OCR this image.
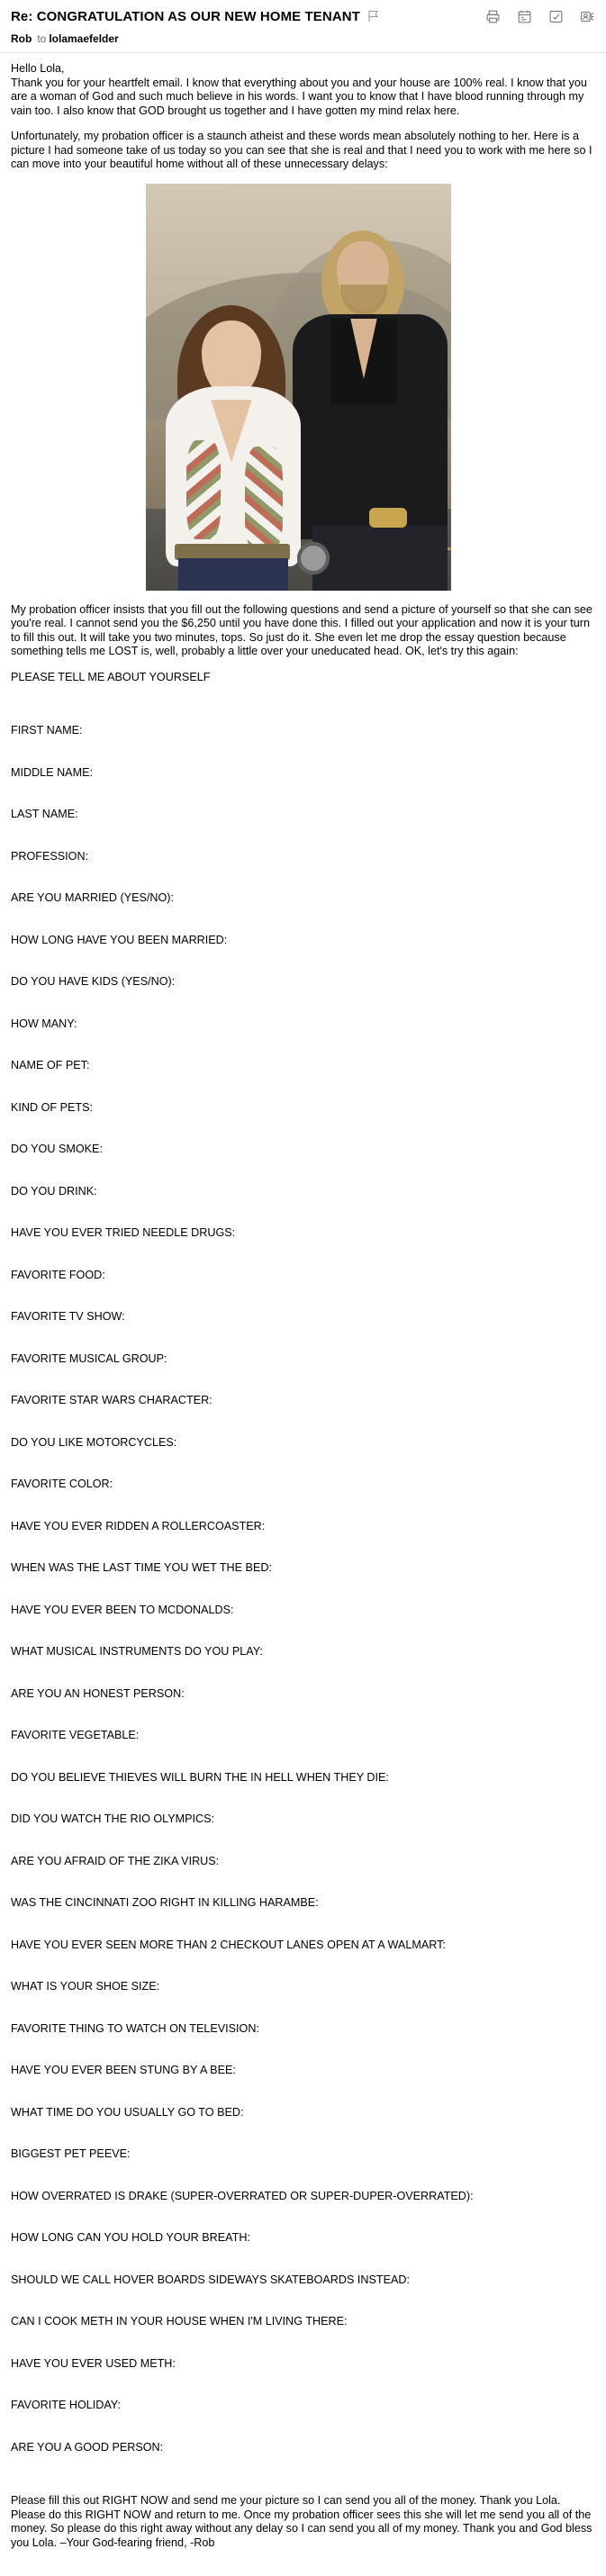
Re: CONGRATULATION AS OUR NEW HOME TENANT
Rob to lolamaefelder
Hello Lola,
Thank you for your heartfelt email. I know that everything about you and your house are 100% real. I know that you are a woman of God and such much believe in his words. I want you to know that I have blood running through my vain too. I also know that GOD brought us together and I have gotten my mind relax here.
Unfortunately, my probation officer is a staunch atheist and these words mean absolutely nothing to her. Here is a picture I had someone take of us today so you can see that she is real and that I need you to work with me here so I can move into your beautiful home without all of these unnecessary delays:
My probation officer insists that you fill out the following questions and send a picture of yourself so that she can see you're real. I cannot send you the $6,250 until you have done this. I filled out your application and now it is your turn to fill this out. It will take you two minutes, tops. So just do it. She even let me drop the essay question because something tells me LOST is, well, probably a little over your uneducated head. OK, let's try this again:
PLEASE TELL ME ABOUT YOURSELF

FIRST NAME:

MIDDLE NAME:

LAST NAME:

PROFESSION:

ARE YOU MARRIED (YES/NO):

HOW LONG HAVE YOU BEEN MARRIED:

DO YOU HAVE KIDS (YES/NO):

HOW MANY:

NAME OF PET:

KIND OF PETS:

DO YOU SMOKE:

DO YOU DRINK:

HAVE YOU EVER TRIED NEEDLE DRUGS:

FAVORITE FOOD:

FAVORITE TV SHOW:

FAVORITE MUSICAL GROUP:

FAVORITE STAR WARS CHARACTER:

DO YOU LIKE MOTORCYCLES:

FAVORITE COLOR:

HAVE YOU EVER RIDDEN A ROLLERCOASTER:

WHEN WAS THE LAST TIME YOU WET THE BED:

HAVE YOU EVER BEEN TO MCDONALDS:

WHAT MUSICAL INSTRUMENTS DO YOU PLAY:

ARE YOU AN HONEST PERSON:

FAVORITE VEGETABLE:

DO YOU BELIEVE THIEVES WILL BURN THE IN HELL WHEN THEY DIE:

DID YOU WATCH THE RIO OLYMPICS:

ARE YOU AFRAID OF THE ZIKA VIRUS:

WAS THE CINCINNATI ZOO RIGHT IN KILLING HARAMBE:

HAVE YOU EVER SEEN MORE THAN 2 CHECKOUT LANES OPEN AT A WALMART:

WHAT IS YOUR SHOE SIZE:

FAVORITE THING TO WATCH ON TELEVISION:

HAVE YOU EVER BEEN STUNG BY A BEE:

WHAT TIME DO YOU USUALLY GO TO BED:

BIGGEST PET PEEVE:

HOW OVERRATED IS DRAKE (SUPER-OVERRATED OR SUPER-DUPER-OVERRATED):

HOW LONG CAN YOU HOLD YOUR BREATH:

SHOULD WE CALL HOVER BOARDS SIDEWAYS SKATEBOARDS INSTEAD:

CAN I COOK METH IN YOUR HOUSE WHEN I'M LIVING THERE:

HAVE YOU EVER USED METH:

FAVORITE HOLIDAY:

ARE YOU A GOOD PERSON:

Please fill this out RIGHT NOW and send me your picture so I can send you all of the money. Thank you Lola. Please do this RIGHT NOW and return to me. Once my probation officer sees this she will let me send you all of the money. So please do this right away without any delay so I can send you all of my money. Thank you and God bless you Lola. –Your God-fearing friend, -Rob
